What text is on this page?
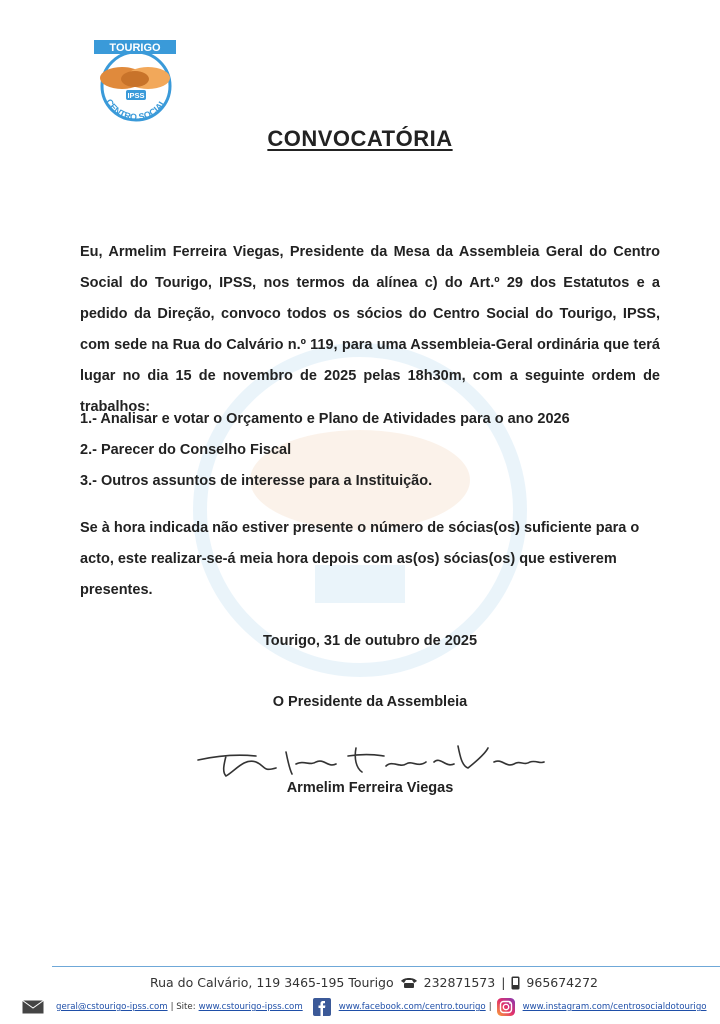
TOURIGO
IPSS
CENTRO SOCIAL
CONVOCATÓRIA
Eu, Armelim Ferreira Viegas, Presidente da Mesa da Assembleia Geral do Centro Social do Tourigo, IPSS, nos termos da alínea c) do Art.º 29 dos Estatutos e a pedido da Direção, convoco todos os sócios do Centro Social do Tourigo, IPSS, com sede na Rua do Calvário n.º 119, para uma Assembleia-Geral ordinária que terá lugar no dia 15 de novembro de 2025 pelas 18h30m, com a seguinte ordem de trabalhos:
1.- Analisar e votar o Orçamento e Plano de Atividades para o ano 2026
2.- Parecer do Conselho Fiscal
3.- Outros assuntos de interesse para a Instituição.
Se à hora indicada não estiver presente o número de sócias(os) suficiente para o acto, este realizar-se-á meia hora depois com as(os) sócias(os) que estiverem presentes.
Tourigo, 31 de outubro de 2025
O Presidente da Assembleia
Armelim Ferreira Viegas
Rua do Calvário, 119 3465-195 Tourigo 232871573 | 965674272
geral@cstourigo-ipss.com | Site: www.cstourigo-ipss.com	www.facebook.com/centro.tourigo |	www.instagram.com/centrosocialdotourigo
